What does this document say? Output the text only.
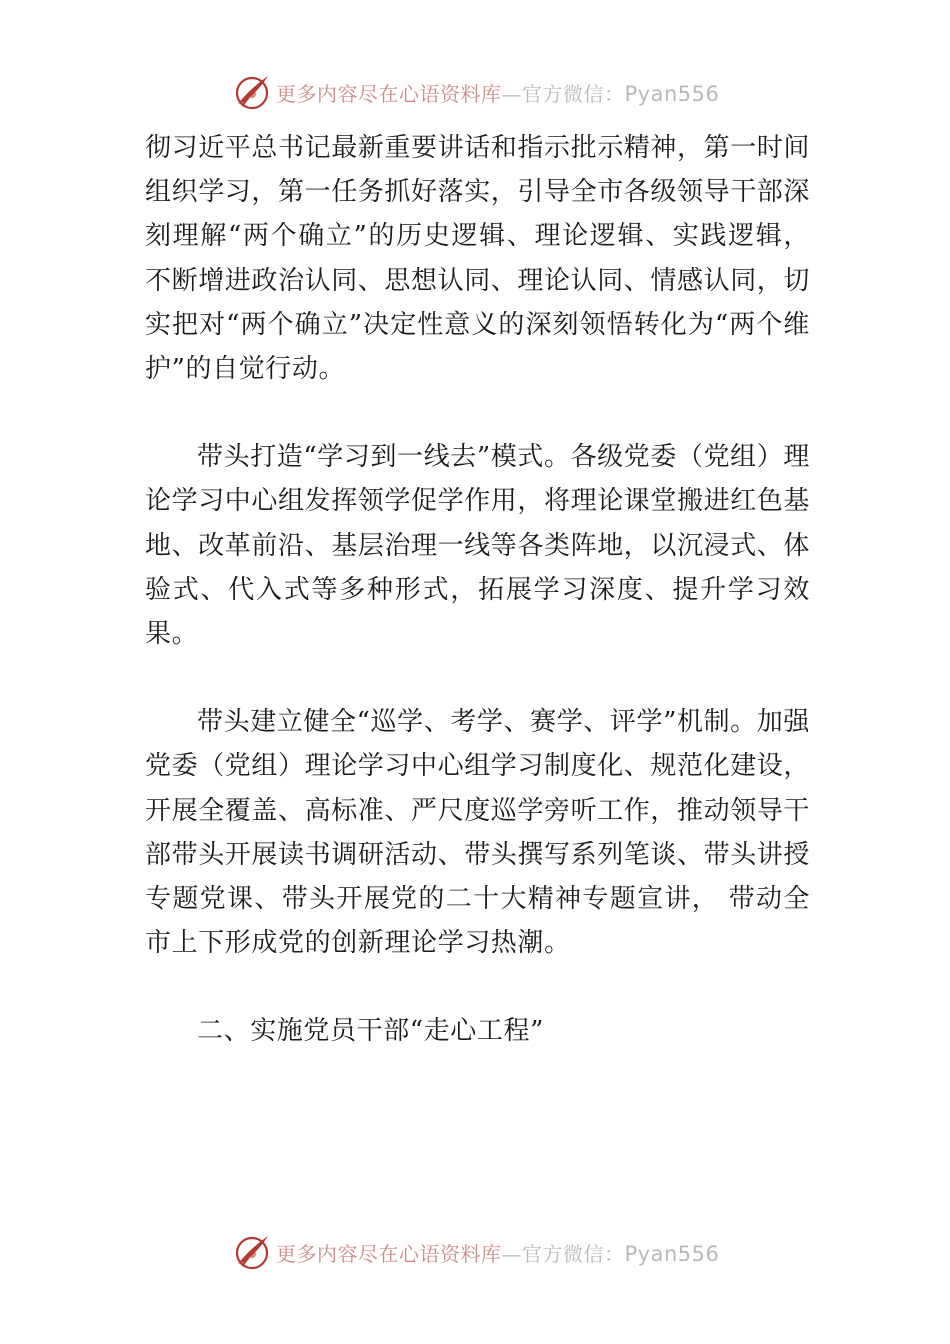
更多内容尽在心语资料库—官方微信：Pyan556

彻习近平总书记最新重要讲话和指示批示精神，第一时间组织学习，第一任务抓好落实，引导全市各级领导干部深刻理解“两个确立”的历史逻辑、理论逻辑、实践逻辑，不断增进政治认同、思想认同、理论认同、情感认同，切实把对“两个确立”决定性意义的深刻领悟转化为“两个维护”的自觉行动。

带头打造“学习到一线去”模式。各级党委（党组）理论学习中心组发挥领学促学作用，将理论课堂搬进红色基地、改革前沿、基层治理一线等各类阵地，以沉浸式、体验式、代入式等多种形式，拓展学习深度、提升学习效果。

带头建立健全“巡学、考学、赛学、评学”机制。加强党委（党组）理论学习中心组学习制度化、规范化建设，开展全覆盖、高标准、严尺度巡学旁听工作，推动领导干部带头开展读书调研活动、带头撰写系列笔谈、带头讲授专题党课、带头开展党的二十大精神专题宣讲， 带动全市上下形成党的创新理论学习热潮。

二、实施党员干部“走心工程”

更多内容尽在心语资料库—官方微信：Pyan556
